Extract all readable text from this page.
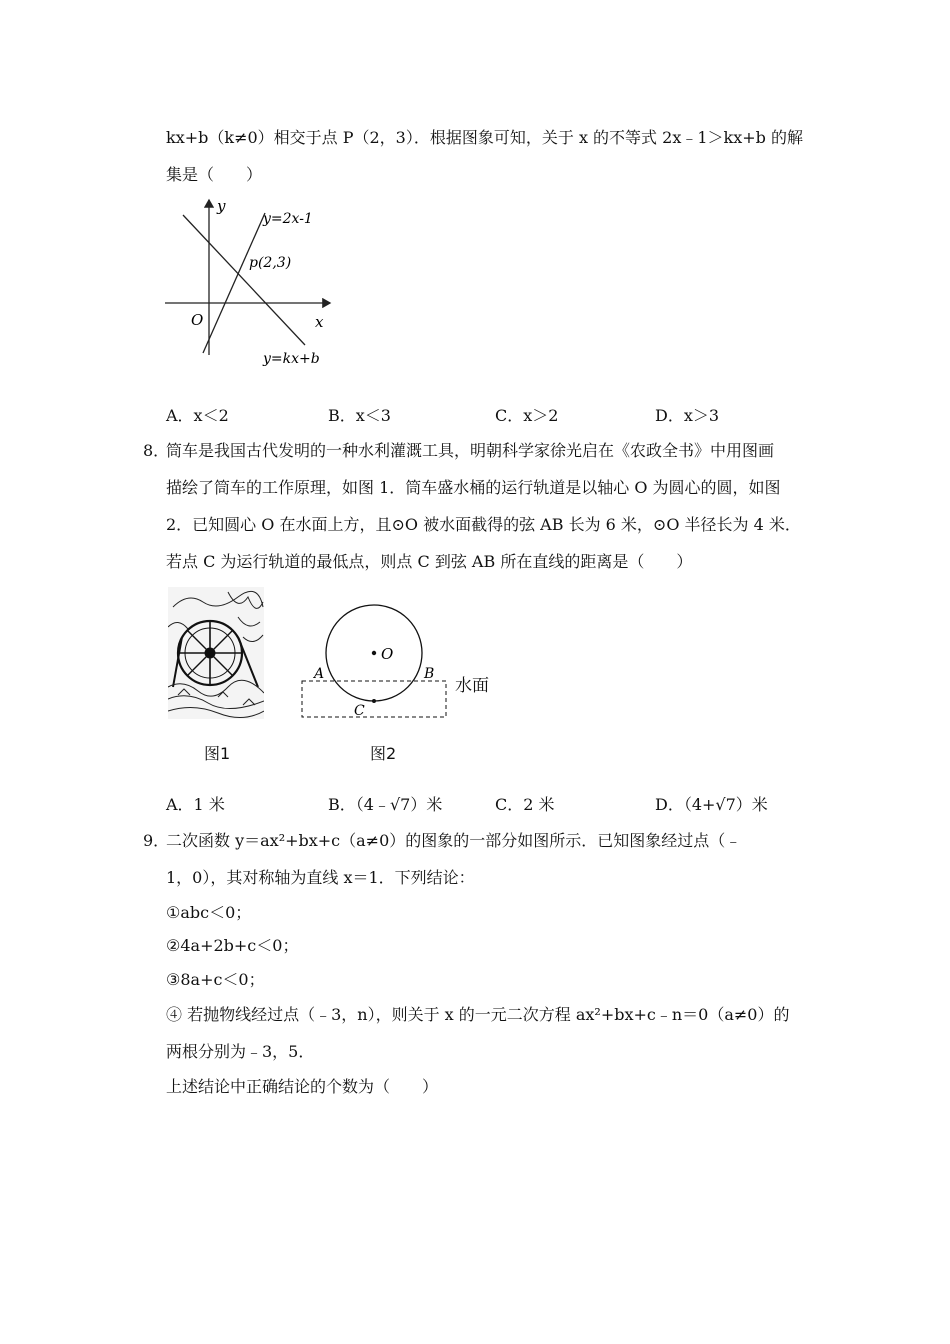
kx+b（k≠0）相交于点 P（2，3）．根据图象可知，关于 x 的不等式 2x﹣1＞kx+b 的解
集是（　　）
y
x
O
y=2x-1
p(2,3)
y=kx+b
A．x＜2	B．x＜3	C．x＞2	D．x＞3
8．
筒车是我国古代发明的一种水利灌溉工具，明朝科学家徐光启在《农政全书》中用图画
描绘了筒车的工作原理，如图 1．筒车盛水桶的运行轨道是以轴心 O 为圆心的圆，如图
2．已知圆心 O 在水面上方，且⊙O 被水面截得的弦 AB 长为 6 米，⊙O 半径长为 4 米．
若点 C 为运行轨道的最低点，则点 C 到弦 AB 所在直线的距离是（　　）
图1
O
A	B
C
水面
图2
A．1 米	B．（4﹣√7）米	C．2 米	D．（4+√7）米
9．
二次函数 y＝ax²+bx+c（a≠0）的图象的一部分如图所示．已知图象经过点（﹣
1，0），其对称轴为直线 x＝1．下列结论：
①abc＜0；
②4a+2b+c＜0；
③8a+c＜0；
④ 若抛物线经过点（﹣3，n），则关于 x 的一元二次方程 ax²+bx+c﹣n＝0（a≠0）的
两根分别为﹣3，5．
上述结论中正确结论的个数为（　　）
